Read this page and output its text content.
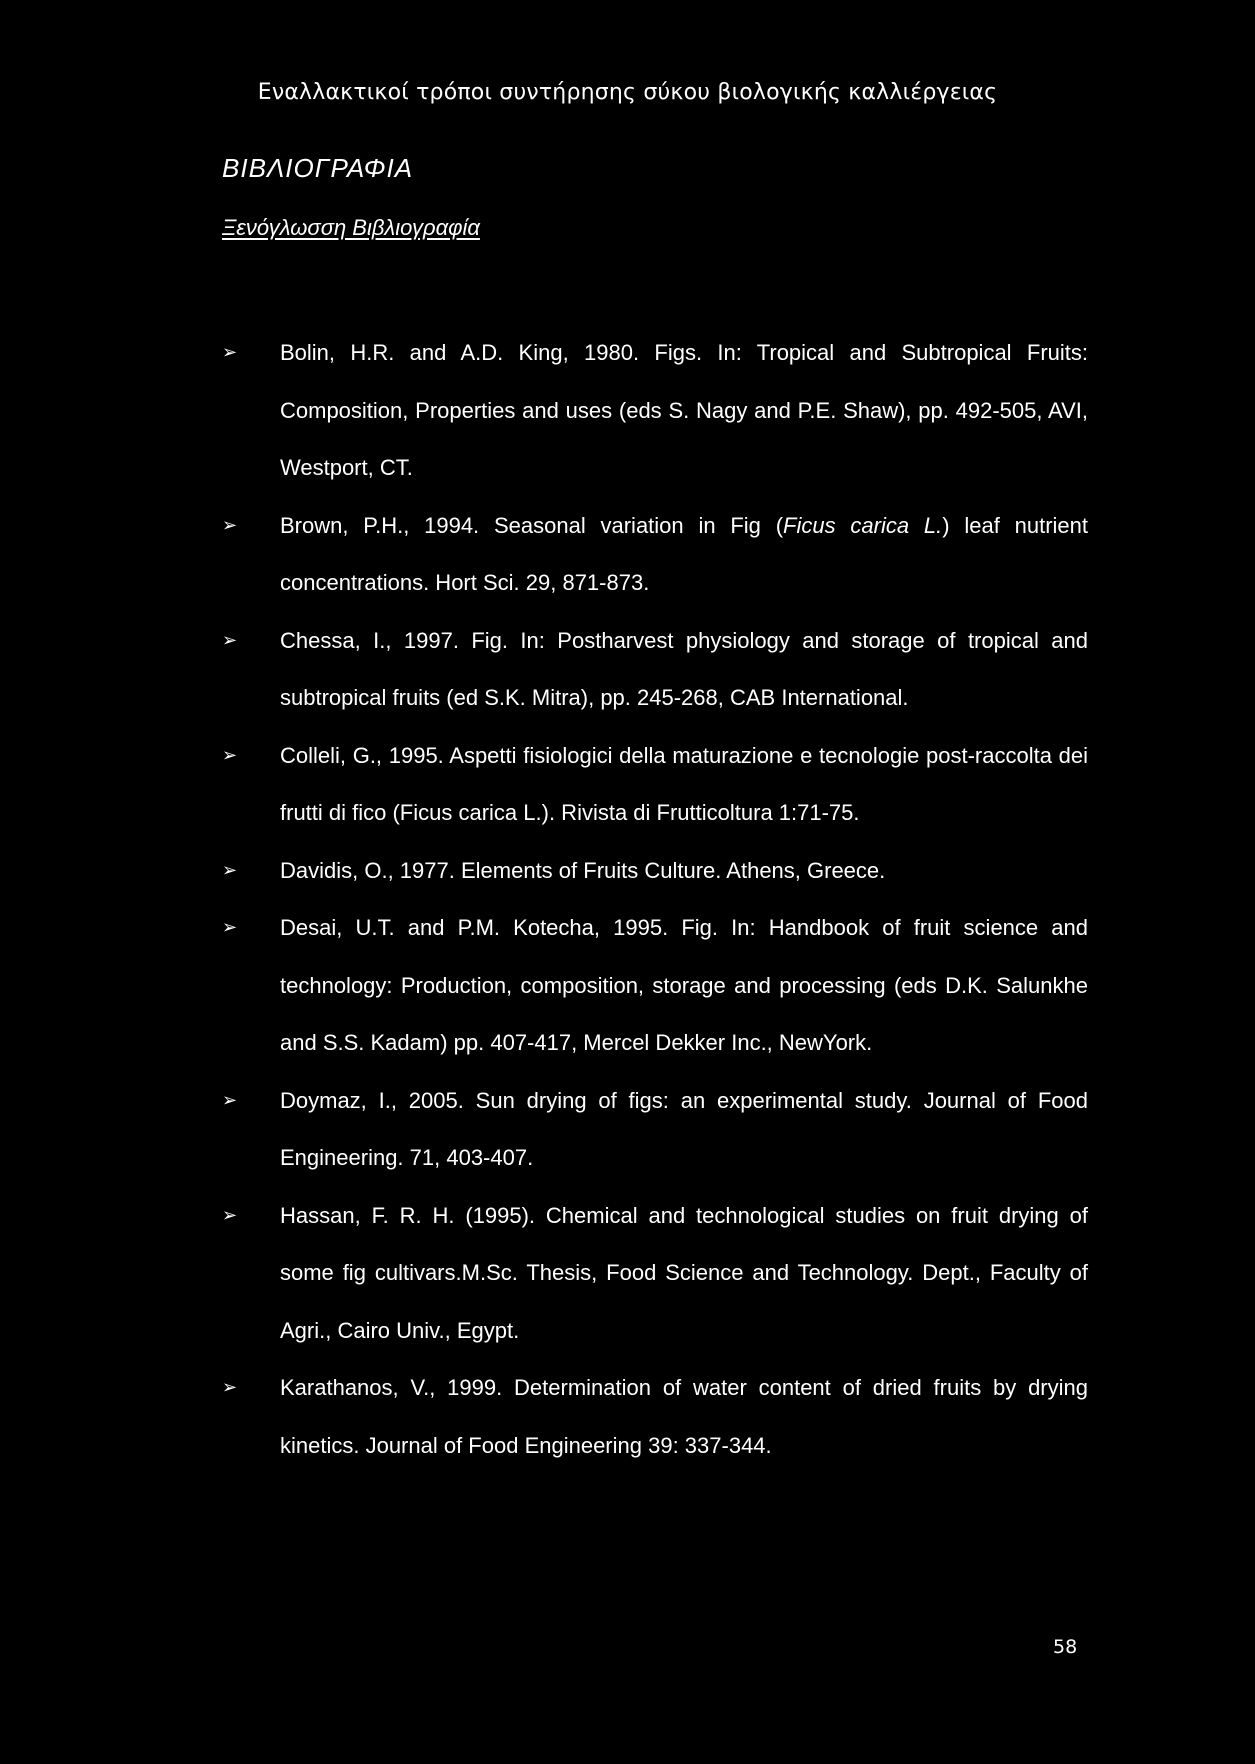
Εναλλακτικοί τρόποι συντήρησης σύκου βιολογικής καλλιέργειας
ΒΙΒΛΙΟΓΡΑΦΙΑ
Ξενόγλωσση Βιβλιογραφία
➢ Bolin, H.R. and A.D. King, 1980. Figs. In: Tropical and Subtropical Fruits: Composition, Properties and uses (eds S. Nagy and P.E. Shaw), pp. 492-505, AVI, Westport, CT.
➢ Brown, P.H., 1994. Seasonal variation in Fig (Ficus carica L.) leaf nutrient concentrations. Hort Sci. 29, 871-873.
➢ Chessa, I., 1997. Fig. In: Postharvest physiology and storage of tropical and subtropical fruits (ed S.K. Mitra), pp. 245-268, CAB International.
➢ Colleli, G., 1995. Aspetti fisiologici della maturazione e tecnologie post-raccolta dei frutti di fico (Ficus carica L.). Rivista di Frutticoltura 1:71-75.
➢ Davidis, O., 1977. Elements of Fruits Culture. Athens, Greece.
➢ Desai, U.T. and P.M. Kotecha, 1995. Fig. In: Handbook of fruit science and technology: Production, composition, storage and processing (eds D.K. Salunkhe and S.S. Kadam) pp. 407-417, Mercel Dekker Inc., NewYork.
➢ Doymaz, I., 2005. Sun drying of figs: an experimental study. Journal of Food Engineering. 71, 403-407.
➢ Hassan, F. R. H. (1995). Chemical and technological studies on fruit drying of some fig cultivars.M.Sc. Thesis, Food Science and Technology. Dept., Faculty of Agri., Cairo Univ., Egypt.
➢ Karathanos, V., 1999. Determination of water content of dried fruits by drying kinetics. Journal of Food Engineering 39: 337-344.
58
